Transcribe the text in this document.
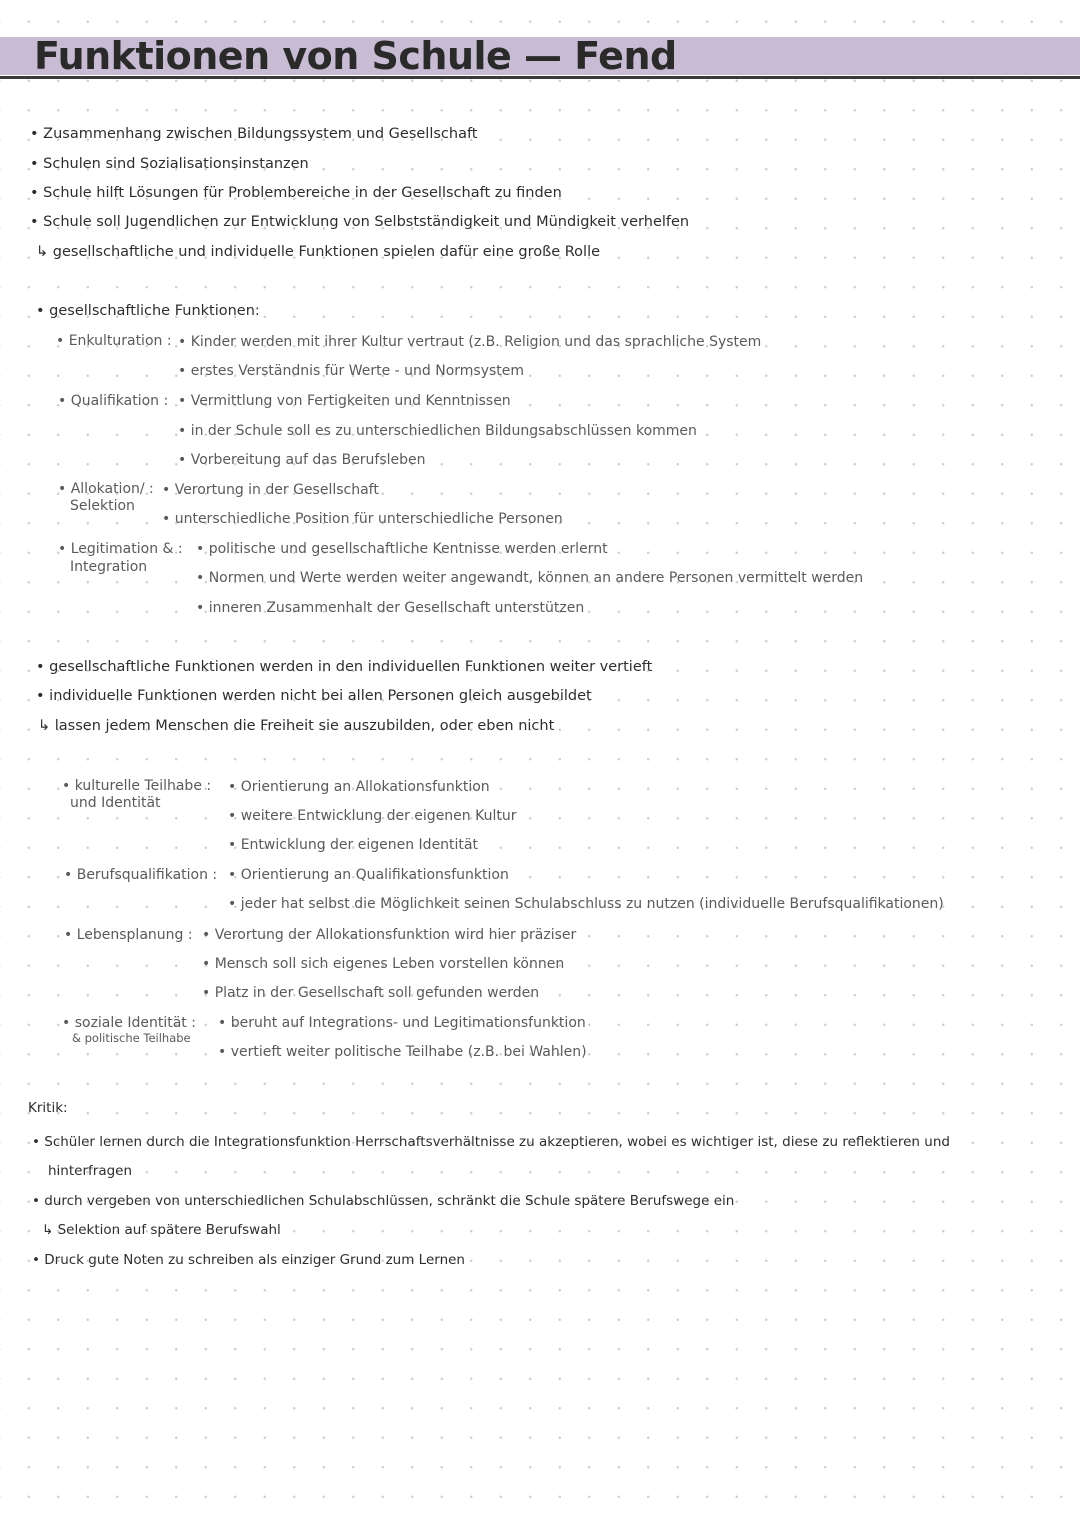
Funktionen von Schule — Fend
• Zusammenhang zwischen Bildungssystem und Gesellschaft
• Schulen sind Sozialisationsinstanzen
• Schule hilft Lösungen für Problembereiche in der Gesellschaft zu finden
• Schule soll Jugendlichen zur Entwicklung von Selbstständigkeit und Mündigkeit verhelfen
↳ gesellschaftliche und individuelle Funktionen spielen dafür eine große Rolle
• gesellschaftliche Funktionen:
• Enkulturation : • Kinder werden mit ihrer Kultur vertraut (z.B. Religion und das sprachliche System
• erstes Verständnis für Werte - und Normsystem
• Qualifikation : • Vermittlung von Fertigkeiten und Kenntnissen
• in der Schule soll es zu unterschiedlichen Bildungsabschlüssen kommen
• Vorbereitung auf das Berufsleben
• Allokation/ :
Selektion
• Verortung in der Gesellschaft
• unterschiedliche Position für unterschiedliche Personen
• Legitimation & :
Integration
• politische und gesellschaftliche Kentnisse werden erlernt
• Normen und Werte werden weiter angewandt, können an andere Personen vermittelt werden
• inneren Zusammenhalt der Gesellschaft unterstützen
• gesellschaftliche Funktionen werden in den individuellen Funktionen weiter vertieft
• individuelle Funktionen werden nicht bei allen Personen gleich ausgebildet
↳ lassen jedem Menschen die Freiheit sie auszubilden, oder eben nicht
• kulturelle Teilhabe :
und Identität
• Orientierung an Allokationsfunktion
• weitere Entwicklung der eigenen Kultur
• Entwicklung der eigenen Identität
• Berufsqualifikation : • Orientierung an Qualifikationsfunktion
• jeder hat selbst die Möglichkeit seinen Schulabschluss zu nutzen (individuelle Berufsqualifikationen)
• Lebensplanung : • Verortung der Allokationsfunktion wird hier präziser
• Mensch soll sich eigenes Leben vorstellen können
• Platz in der Gesellschaft soll gefunden werden
• soziale Identität :
& politische Teilhabe
• beruht auf Integrations- und Legitimationsfunktion
• vertieft weiter politische Teilhabe (z.B. bei Wahlen)
Kritik:
• Schüler lernen durch die Integrationsfunktion Herrschaftsverhältnisse zu akzeptieren, wobei es wichtiger ist, diese zu reflektieren und
hinterfragen
• durch vergeben von unterschiedlichen Schulabschlüssen, schränkt die Schule spätere Berufswege ein
↳ Selektion auf spätere Berufswahl
• Druck gute Noten zu schreiben als einziger Grund zum Lernen
